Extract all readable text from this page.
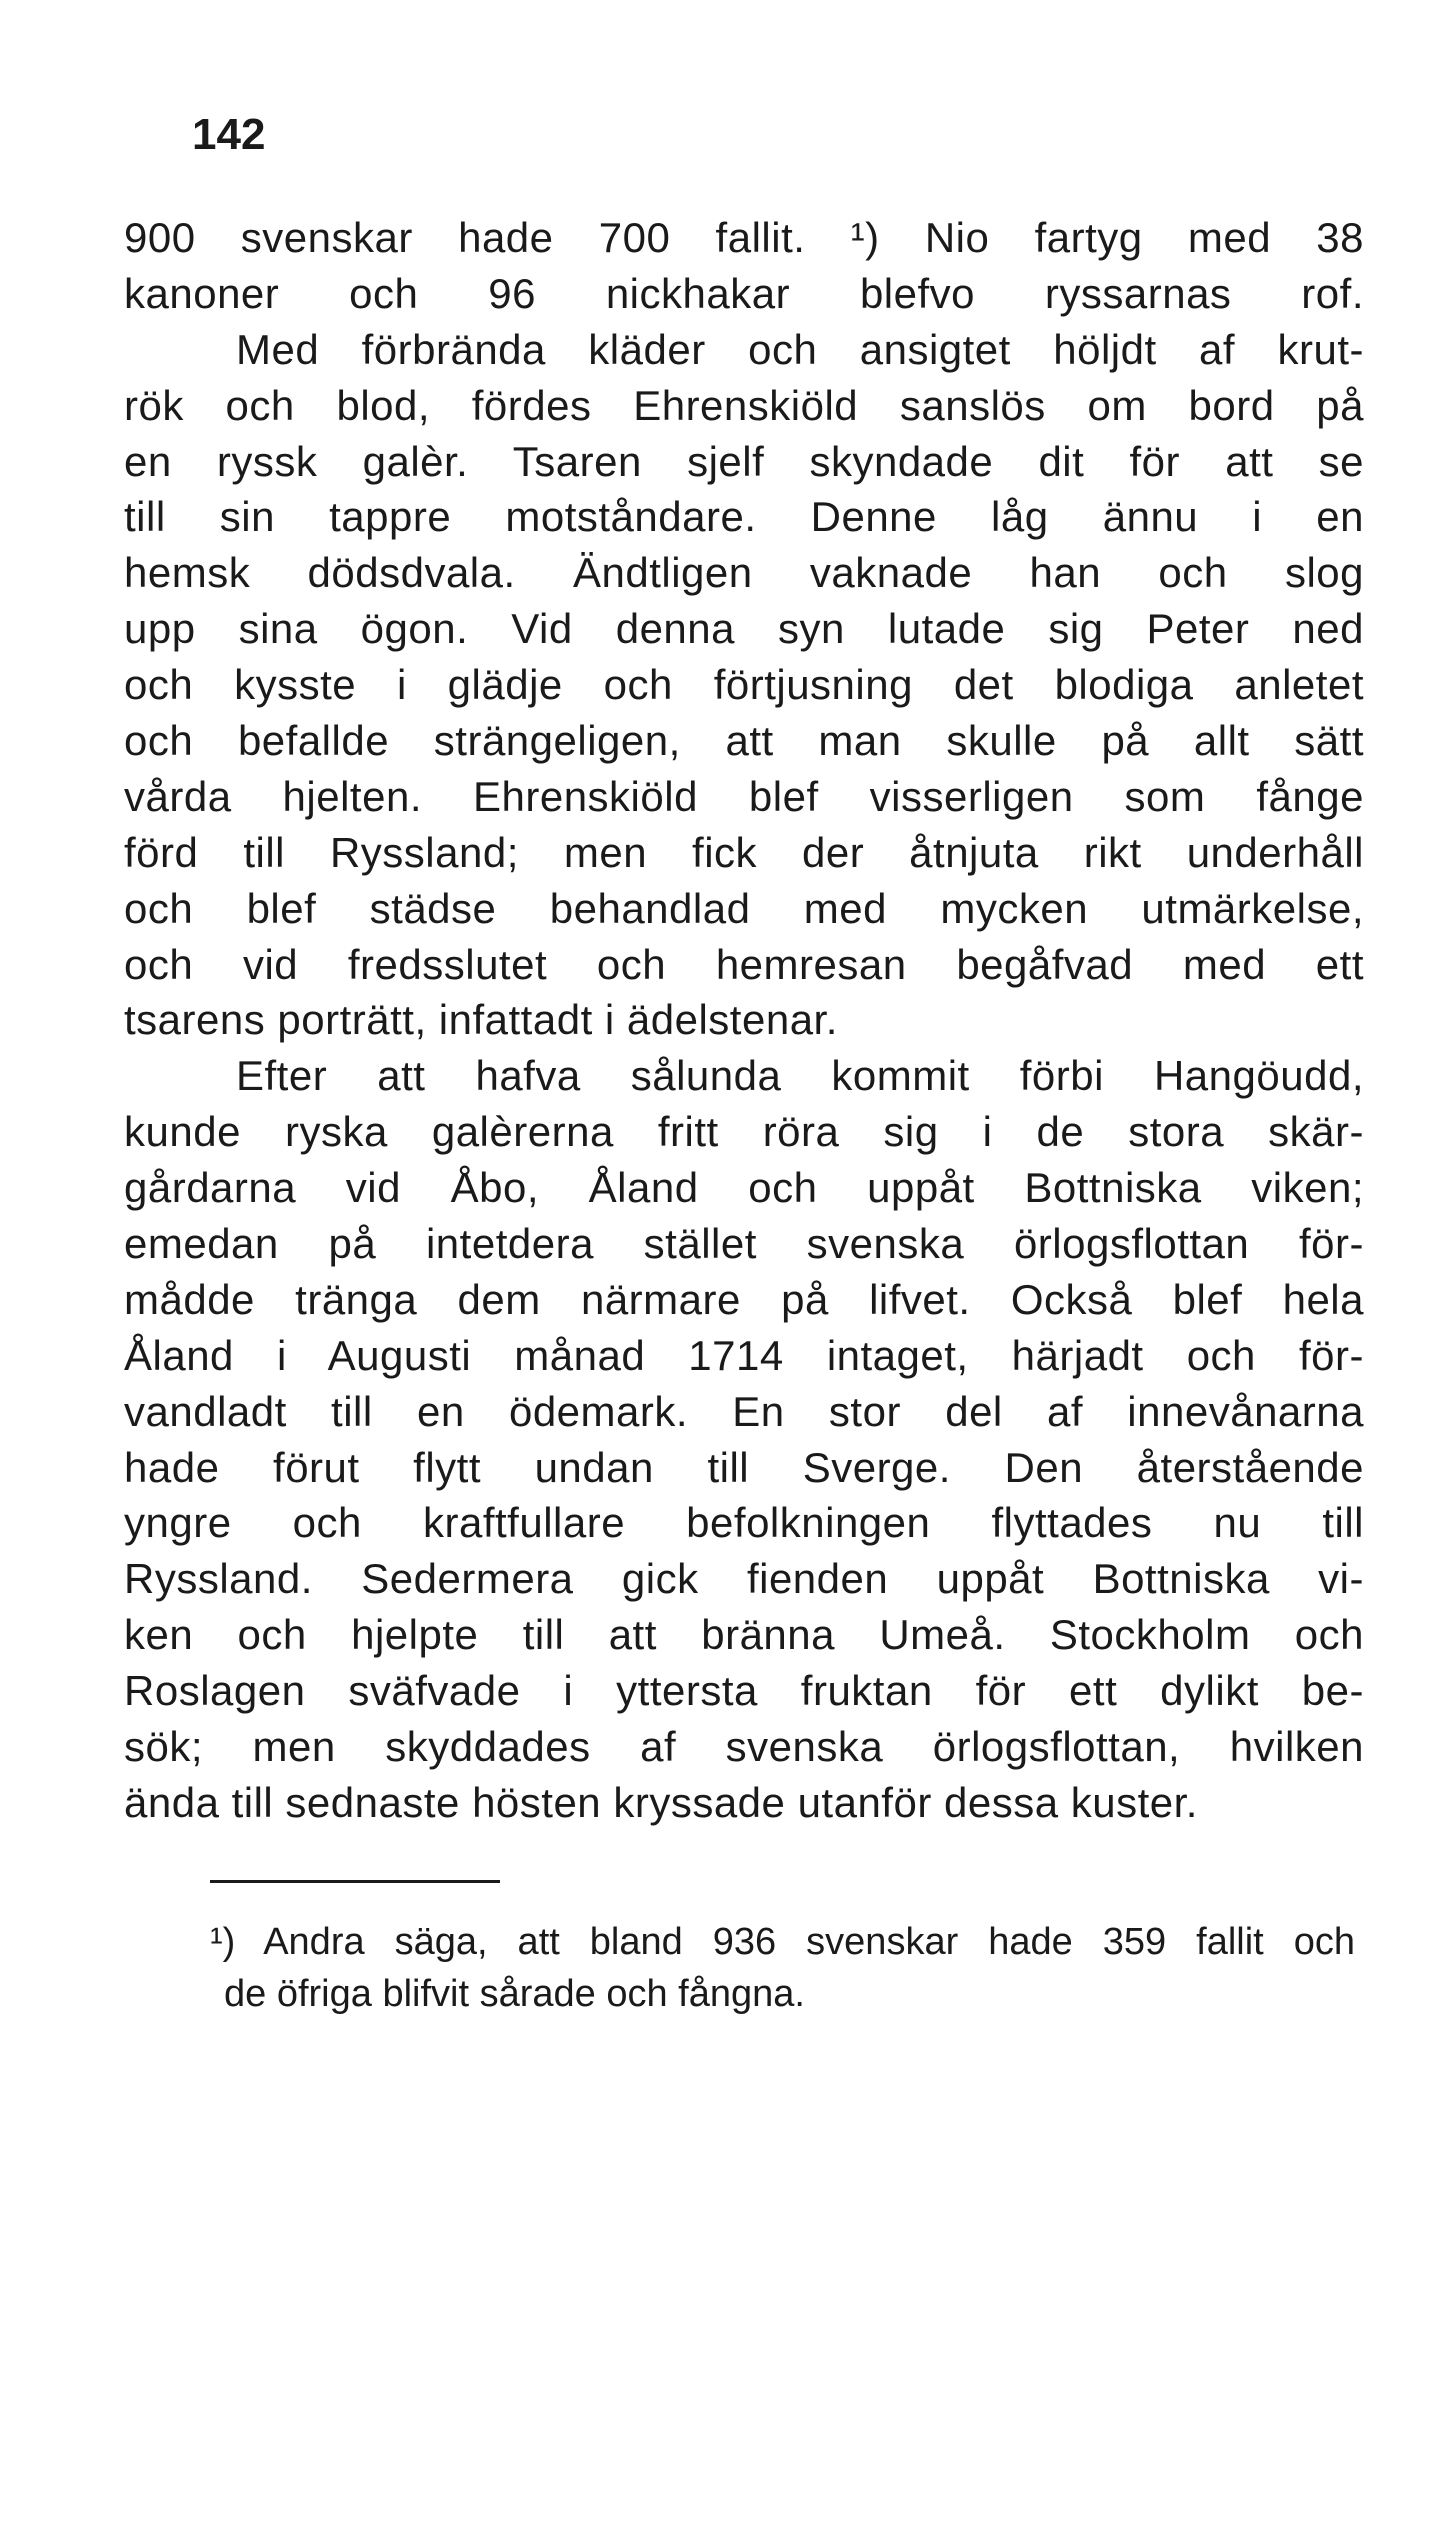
142

900 svenskar hade 700 fallit. ¹) Nio fartyg med 38
kanoner och 96 nickhakar blefvo ryssarnas rof.
Med förbrända kläder och ansigtet höljdt af krut-
rök och blod, fördes Ehrenskiöld sanslös om bord på
en ryssk galèr. Tsaren sjelf skyndade dit för att se
till sin tappre motståndare. Denne låg ännu i en
hemsk dödsdvala. Ändtligen vaknade han och slog
upp sina ögon. Vid denna syn lutade sig Peter ned
och kysste i glädje och förtjusning det blodiga anletet
och befallde strängeligen, att man skulle på allt sätt
vårda hjelten. Ehrenskiöld blef visserligen som fånge
förd till Ryssland; men fick der åtnjuta rikt underhåll
och blef städse behandlad med mycken utmärkelse,
och vid fredsslutet och hemresan begåfvad med ett
tsarens porträtt, infattadt i ädelstenar.
Efter att hafva sålunda kommit förbi Hangöudd,
kunde ryska galèrerna fritt röra sig i de stora skär-
gårdarna vid Åbo, Åland och uppåt Bottniska viken;
emedan på intetdera stället svenska örlogsflottan för-
mådde tränga dem närmare på lifvet. Också blef hela
Åland i Augusti månad 1714 intaget, härjadt och för-
vandladt till en ödemark. En stor del af innevånarna
hade förut flytt undan till Sverge. Den återstående
yngre och kraftfullare befolkningen flyttades nu till
Ryssland. Sedermera gick fienden uppåt Bottniska vi-
ken och hjelpte till att bränna Umeå. Stockholm och
Roslagen sväfvade i yttersta fruktan för ett dylikt be-
sök; men skyddades af svenska örlogsflottan, hvilken
ända till sednaste hösten kryssade utanför dessa kuster.
¹) Andra säga, att bland 936 svenskar hade 359 fallit och
de öfriga blifvit sårade och fångna.
